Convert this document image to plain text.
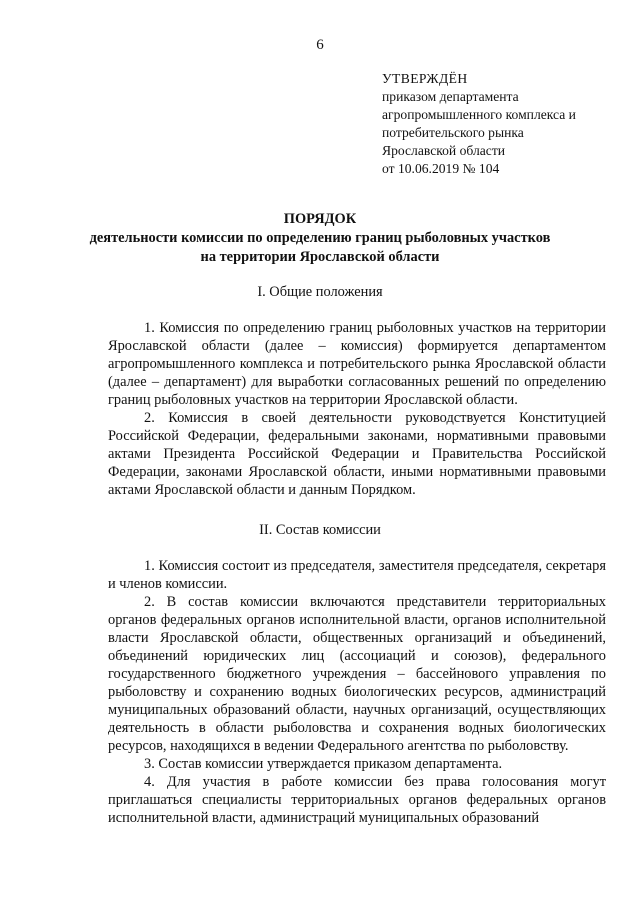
6
УТВЕРЖДЁН
приказом департамента
агропромышленного комплекса и
потребительского рынка
Ярославской области
от 10.06.2019 № 104
ПОРЯДОК
деятельности комиссии по определению границ рыболовных участков
на территории Ярославской области
I. Общие положения

1. Комиссия по определению границ рыболовных участков на территории Ярославской области (далее – комиссия) формируется департаментом агропромышленного комплекса и потребительского рынка Ярославской области (далее – департамент) для выработки согласованных решений по определению границ рыболовных участков на территории Ярославской области.

2. Комиссия в своей деятельности руководствуется Конституцией Российской Федерации, федеральными законами, нормативными правовыми актами Президента Российской Федерации и Правительства Российской Федерации, законами Ярославской области, иными нормативными правовыми актами Ярославской области и данным Порядком.

II. Состав комиссии

1. Комиссия состоит из председателя, заместителя председателя, секретаря и членов комиссии.

2. В состав комиссии включаются представители территориальных органов федеральных органов исполнительной власти, органов исполнительной власти Ярославской области, общественных организаций и объединений, объединений юридических лиц (ассоциаций и союзов), федерального государственного бюджетного учреждения – бассейнового управления по рыболовству и сохранению водных биологических ресурсов, администраций муниципальных образований области, научных организаций, осуществляющих деятельность в области рыболовства и сохранения водных биологических ресурсов, находящихся в ведении Федерального агентства по рыболовству.

3. Состав комиссии утверждается приказом департамента.

4. Для участия в работе комиссии без права голосования могут приглашаться специалисты территориальных органов федеральных органов исполнительной власти, администраций муниципальных образований
